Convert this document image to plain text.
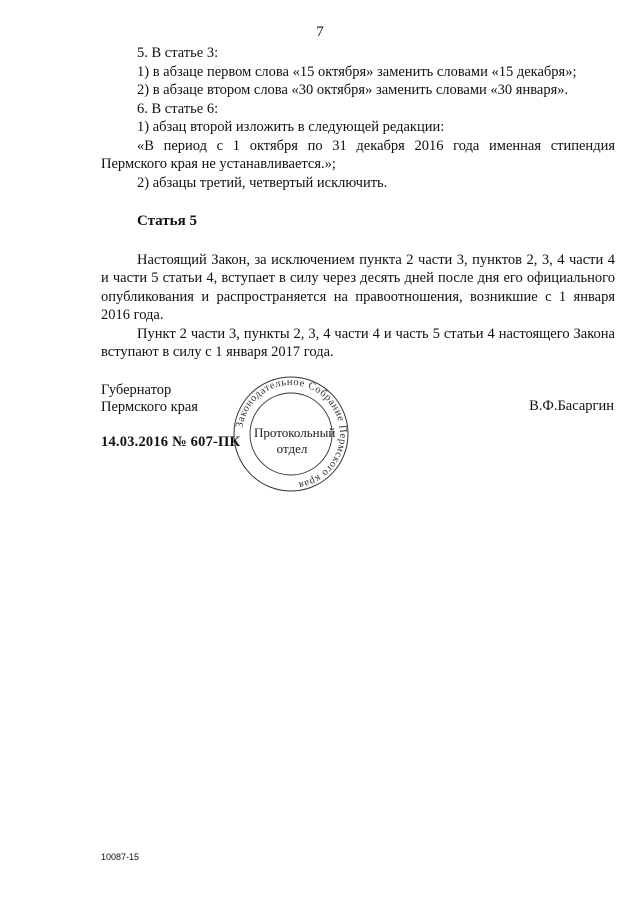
7

5. В статье 3:

1) в абзаце первом слова «15 октября» заменить словами «15 декабря»;

2) в абзаце втором слова «30 октября» заменить словами «30 января».

6. В статье 6:

1) абзац второй изложить в следующей редакции:

«В период с 1 октября по 31 декабря 2016 года именная стипендия Пермского края не устанавливается.»;

2) абзацы третий, четвертый исключить.

Статья 5

Настоящий Закон, за исключением пункта 2 части 3, пунктов 2, 3, 4 части 4 и части 5 статьи 4, вступает в силу через десять дней после дня его официального опубликования и распространяется на правоотношения, возникшие с 1 января 2016 года.

Пункт 2 части 3, пункты 2, 3, 4 части 4 и часть 5 статьи 4 настоящего Закона вступают в силу с 1 января 2017 года.

Губернатор
Пермского края	В.Ф.Басаргин
Законодательное Собрание Пермского края
Протокольный
отдел
14.03.2016 № 607-ПК
10087-15
